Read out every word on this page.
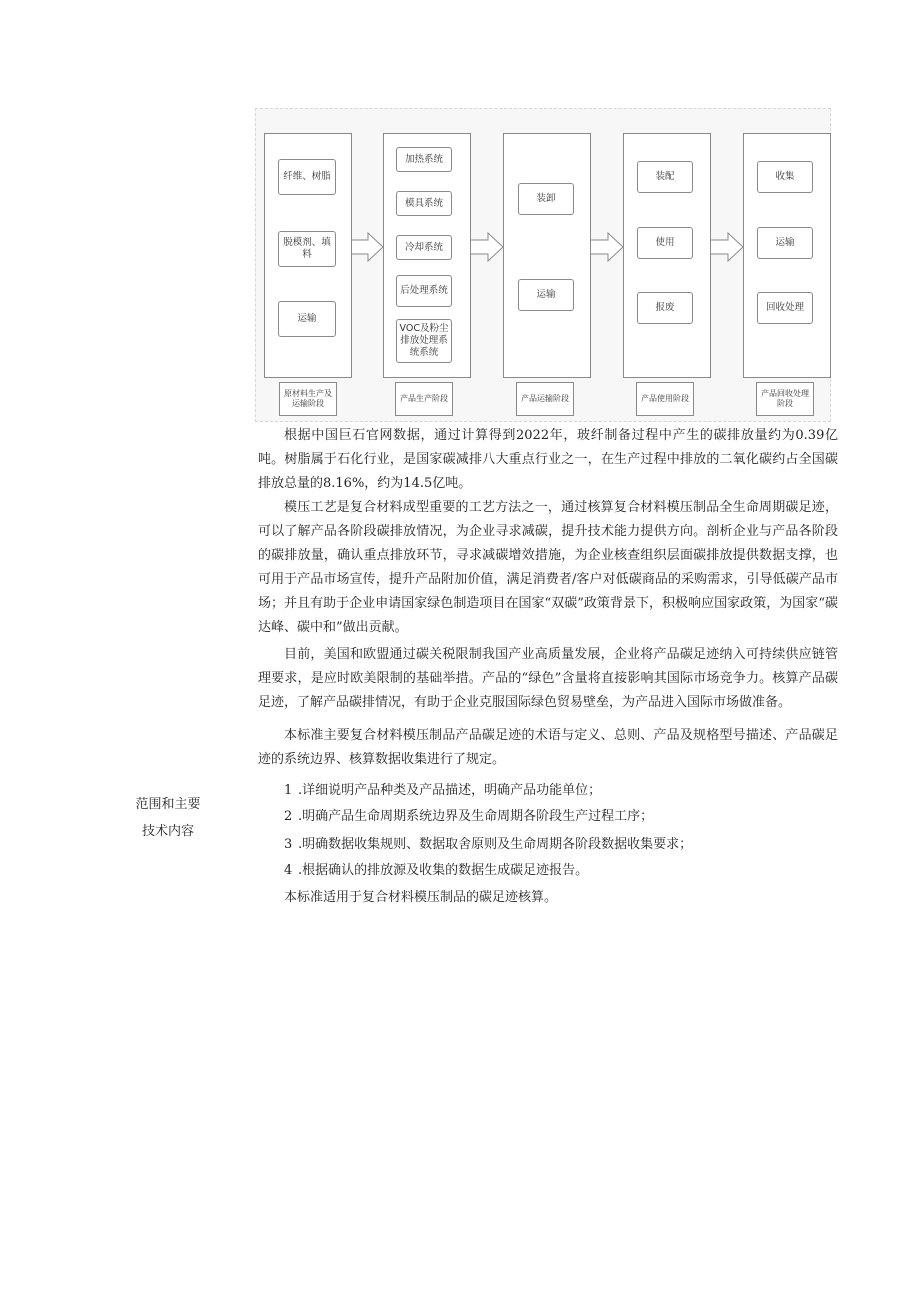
纤维、树脂
脱模剂、填料
运输
原材料生产及运输阶段
加热系统
模具系统
冷却系统
后处理系统
VOC及粉尘排放处理系统系统
产品生产阶段
装卸
运输
产品运输阶段
装配
使用
报废
产品使用阶段
收集
运输
回收处理
产品回收处理阶段

根据中国巨石官网数据，通过计算得到2022年，玻纤制备过程中产生的碳排放量约为0.39亿吨。树脂属于石化行业，是国家碳减排八大重点行业之一，在生产过程中排放的二氧化碳约占全国碳排放总量的8.16%，约为14.5亿吨。

模压工艺是复合材料成型重要的工艺方法之一，通过核算复合材料模压制品全生命周期碳足迹，可以了解产品各阶段碳排放情况，为企业寻求减碳，提升技术能力提供方向。剖析企业与产品各阶段的碳排放量，确认重点排放环节，寻求减碳增效措施，为企业核查组织层面碳排放提供数据支撑，也可用于产品市场宣传，提升产品附加价值，满足消费者/客户对低碳商品的采购需求，引导低碳产品市场；并且有助于企业申请国家绿色制造项目在国家“双碳”政策背景下，积极响应国家政策，为国家“碳达峰、碳中和”做出贡献。

目前，美国和欧盟通过碳关税限制我国产业高质量发展，企业将产品碳足迹纳入可持续供应链管理要求，是应时欧美限制的基础举措。产品的“绿色”含量将直接影响其国际市场竞争力。核算产品碳足迹，了解产品碳排情况，有助于企业克服国际绿色贸易壁垒，为产品进入国际市场做准备。

本标准主要复合材料模压制品产品碳足迹的术语与定义、总则、产品及规格型号描述、产品碳足迹的系统边界、核算数据收集进行了规定。

范围和主要
技术内容
1 .详细说明产品种类及产品描述，明确产品功能单位；
2 .明确产品生命周期系统边界及生命周期各阶段生产过程工序；
3 .明确数据收集规则、数据取舍原则及生命周期各阶段数据收集要求；
4 .根据确认的排放源及收集的数据生成碳足迹报告。
本标准适用于复合材料模压制品的碳足迹核算。
